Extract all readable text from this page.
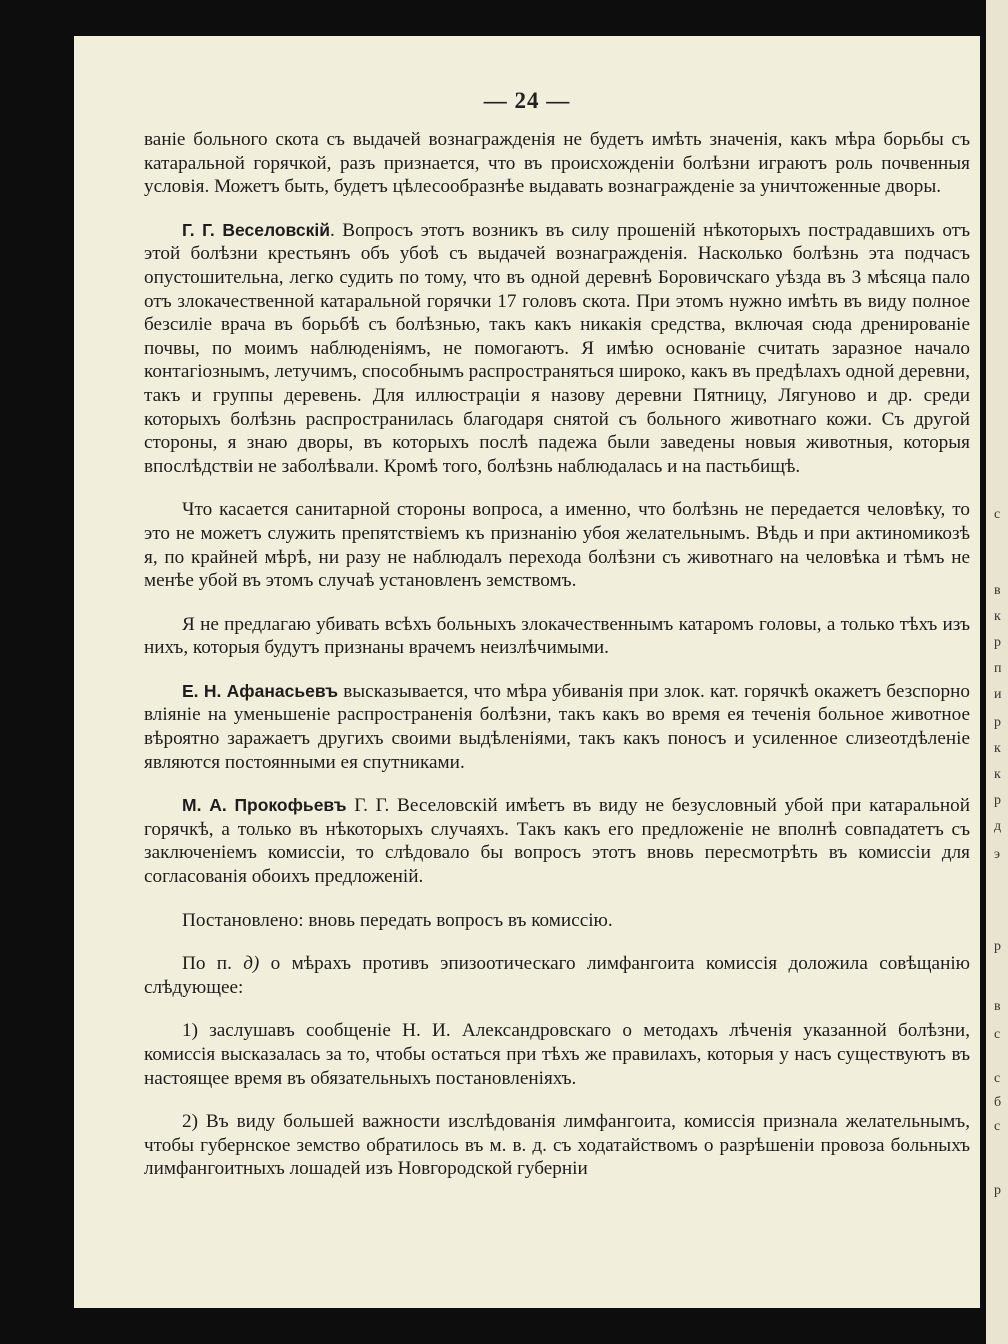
— 24 —

ваніе больного скота съ выдачей вознагражденія не будетъ имѣть значенія, какъ мѣра борьбы съ катаральной горячкой, разъ признается, что въ происхожденіи болѣзни играютъ роль почвенныя условія. Можетъ быть, будетъ цѣлесообразнѣе выдавать вознагражденіе за уничтоженные дворы.

Г. Г. Веселовскій. Вопросъ этотъ возникъ въ силу прошеній нѣкоторыхъ пострадавшихъ отъ этой болѣзни крестьянъ объ убоѣ съ выдачей вознагражденія. Насколько болѣзнь эта подчасъ опустошительна, легко судить по тому, что въ одной деревнѣ Боровичскаго уѣзда въ 3 мѣсяца пало отъ злокачественной катаральной горячки 17 головъ скота. При этомъ нужно имѣть въ виду полное безсиліе врача въ борьбѣ съ болѣзнью, такъ какъ никакія средства, включая сюда дренированіе почвы, по моимъ наблюденіямъ, не помогаютъ. Я имѣю основаніе считать заразное начало контагіознымъ, летучимъ, способнымъ распространяться широко, какъ въ предѣлахъ одной деревни, такъ и группы деревень. Для иллюстраціи я назову деревни Пятницу, Лягуново и др. среди которыхъ болѣзнь распространилась благодаря снятой съ больного животнаго кожи. Съ другой стороны, я знаю дворы, въ которыхъ послѣ падежа были заведены новыя животныя, которыя впослѣдствіи не заболѣвали. Кромѣ того, болѣзнь наблюдалась и на пастьбищѣ.

Что касается санитарной стороны вопроса, а именно, что болѣзнь не передается человѣку, то это не можетъ служить препятствіемъ къ признанію убоя желательнымъ. Вѣдь и при актиномикозѣ я, по крайней мѣрѣ, ни разу не наблюдалъ перехода болѣзни съ животнаго на человѣка и тѣмъ не менѣе убой въ этомъ случаѣ установленъ земствомъ.

Я не предлагаю убивать всѣхъ больныхъ злокачественнымъ катаромъ головы, а только тѣхъ изъ нихъ, которыя будутъ признаны врачемъ неизлѣчимыми.

Е. Н. Афанасьевъ высказывается, что мѣра убиванія при злок. кат. горячкѣ окажетъ безспорно вліяніе на уменьшеніе распространенія болѣзни, такъ какъ во время ея теченія больное животное вѣроятно заражаетъ другихъ своими выдѣленіями, такъ какъ поносъ и усиленное слизеотдѣленіе являются постоянными ея спутниками.

М. А. Прокофьевъ Г. Г. Веселовскій имѣетъ въ виду не безусловный убой при катаральной горячкѣ, а только въ нѣкоторыхъ случаяхъ. Такъ какъ его предложеніе не вполнѣ совпадатетъ съ заключеніемъ комиссіи, то слѣдовало бы вопросъ этотъ вновь пересмотрѣть въ комиссіи для согласованія обоихъ предложеній.

Постановлено: вновь передать вопросъ въ комиссію.

По п. д) о мѣрахъ противъ эпизоотическаго лимфангоита комиссія доложила совѣщанію слѣдующее:

1) заслушавъ сообщеніе Н. И. Александровскаго о методахъ лѣченія указанной болѣзни, комиссія высказалась за то, чтобы остаться при тѣхъ же правилахъ, которыя у насъ существуютъ въ настоящее время въ обязательныхъ постановленіяхъ.

2) Въ виду большей важности изслѣдованія лимфангоита, комиссія признала желательнымъ, чтобы губернское земство обратилось въ м. в. д. съ ходатайствомъ о разрѣшеніи провоза больныхъ лимфангоитныхъ лошадей изъ Новгородской губерніи

с
в
к
р
п
и
р
к
к
р
д
э
р
в
с
с
б
с
р
